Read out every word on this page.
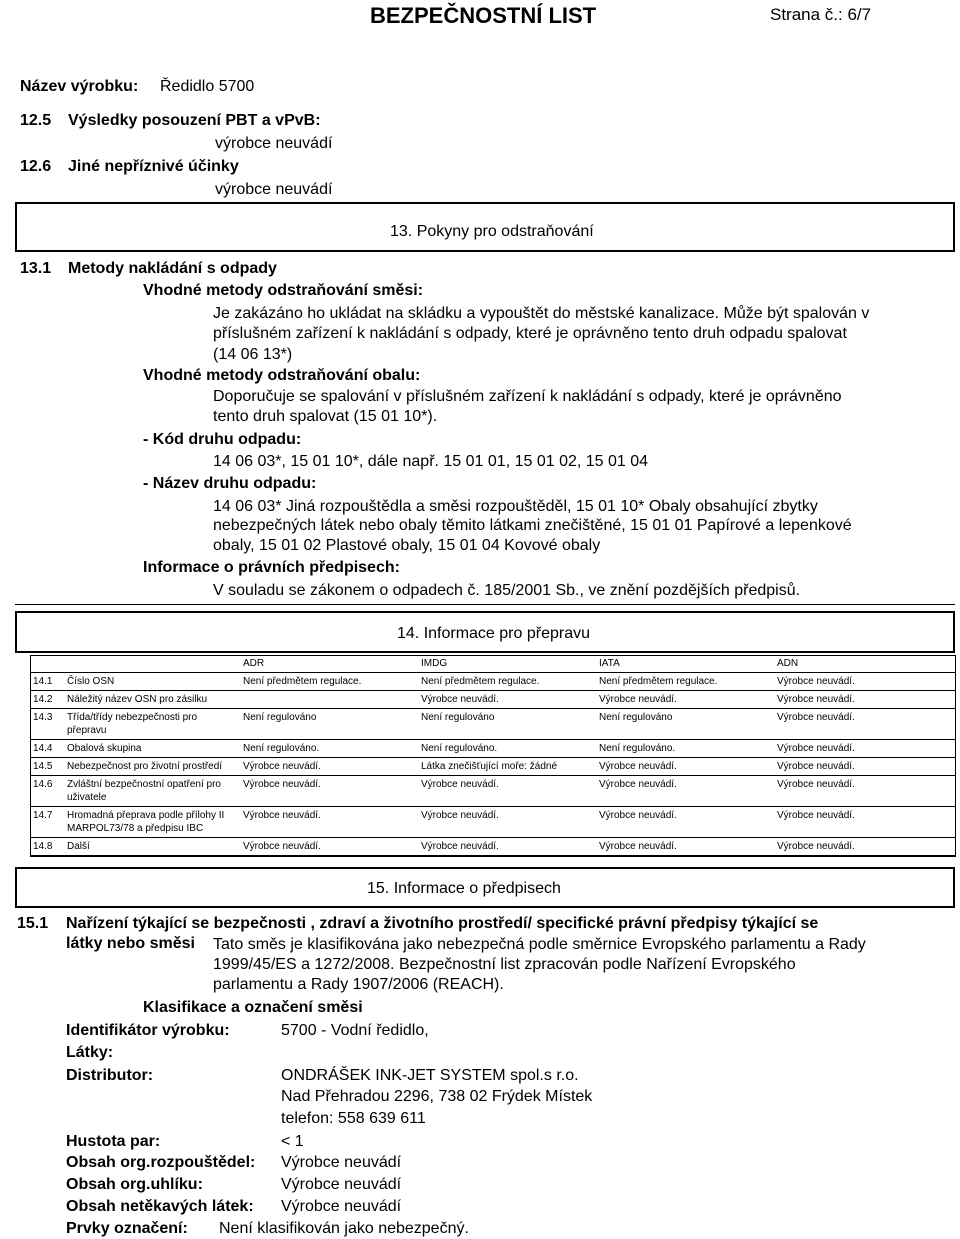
BEZPEČNOSTNÍ LIST	Strana č.: 6/7
Název výrobku: Ředidlo 5700
12.5 Výsledky posouzení PBT a vPvB:
výrobce neuvádí
12.6 Jiné nepříznivé účinky
výrobce neuvádí
13. Pokyny pro odstraňování
13.1 Metody nakládání s odpady
Vhodné metody odstraňování směsi:
Je zakázáno ho ukládat na skládku a vypouštět do městské kanalizace. Může být spalován v
příslušném zařízení k nakládání s odpady, které je oprávněno tento druh odpadu spalovat
(14 06 13*)
Vhodné metody odstraňování obalu:
Doporučuje se spalování v příslušném zařízení k nakládání s odpady, které je oprávněno
tento druh spalovat (15 01 10*).
- Kód druhu odpadu:
14 06 03*, 15 01 10*, dále např. 15 01 01, 15 01 02, 15 01 04
- Název druhu odpadu:
14 06 03* Jiná rozpouštědla a směsi rozpouštěděl, 15 01 10* Obaly obsahující zbytky
nebezpečných látek nebo obaly těmito látkami znečištěné, 15 01 01 Papírové a lepenkové
obaly, 15 01 02 Plastové obaly, 15 01 04 Kovové obaly
Informace o právních předpisech:
V souladu se zákonem o odpadech č. 185/2001 Sb., ve znění pozdějších předpisů.
14. Informace pro přepravu
		ADR	IMDG	IATA	ADN
14.1	Číslo OSN	Není předmětem regulace.	Není předmětem regulace.	Není předmětem regulace.	Výrobce neuvádí.
14.2	Náležitý název OSN pro zásilku		Výrobce neuvádí.	Výrobce neuvádí.	Výrobce neuvádí.
14.3	Třída/třídy nebezpečnosti pro přepravu	Není regulováno	Není regulováno	Není regulováno	Výrobce neuvádí.
14.4	Obalová skupina	Není regulováno.	Není regulováno.	Není regulováno.	Výrobce neuvádí.
14.5	Nebezpečnost pro životní prostředí	Výrobce neuvádí.	Látka znečišťující moře: žádné	Výrobce neuvádí.	Výrobce neuvádí.
14.6	Zvláštní bezpečnostní opatření pro uživatele	Výrobce neuvádí.	Výrobce neuvádí.	Výrobce neuvádí.	Výrobce neuvádí.
14.7	Hromadná přeprava podle přílohy II MARPOL73/78 a předpisu IBC	Výrobce neuvádí.	Výrobce neuvádí.	Výrobce neuvádí.	Výrobce neuvádí.
14.8	Další	Výrobce neuvádí.	Výrobce neuvádí.	Výrobce neuvádí.	Výrobce neuvádí.
15. Informace o předpisech
15.1 Nařízení týkající se bezpečnosti , zdraví a životního prostředí/ specifické právní předpisy týkající se
látky nebo směsi Tato směs je klasifikována jako nebezpečná podle směrnice Evropského parlamentu a Rady
1999/45/ES a 1272/2008. Bezpečnostní list zpracován podle Nařízení Evropského
parlamentu a Rady 1907/2006 (REACH).
Klasifikace a označení směsi
Identifikátor výrobku:	5700 - Vodní ředidlo,
Látky:
Distributor:	ONDRÁŠEK INK-JET SYSTEM spol.s r.o.
Nad Přehradou 2296, 738 02 Frýdek Místek
telefon: 558 639 611
Hustota par:	< 1
Obsah org.rozpouštědel: Výrobce neuvádí
Obsah org.uhlíku:	Výrobce neuvádí
Obsah netěkavých látek: Výrobce neuvádí
Prvky označení: Není klasifikován jako nebezpečný.
